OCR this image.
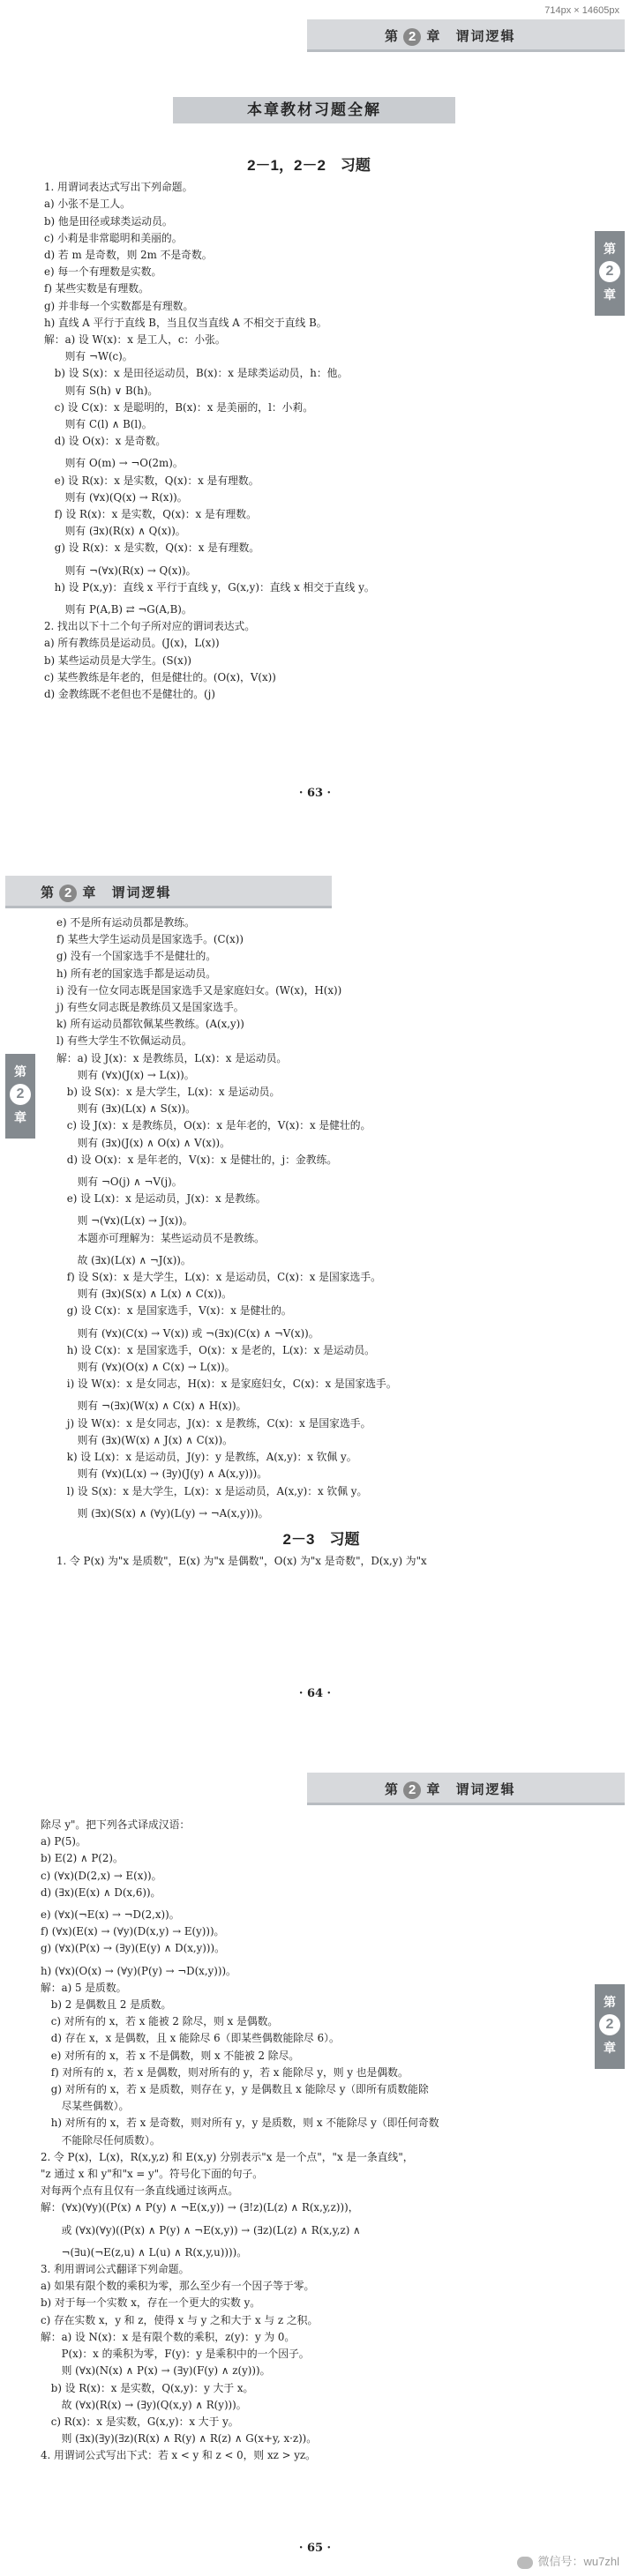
714px × 14605px
第 2 章 谓词逻辑
第
2
章
本章教材习题全解
2－1，2－2　习题
1. 用谓词表达式写出下列命题。
a) 小张不是工人。
b) 他是田径或球类运动员。
c) 小莉是非常聪明和美丽的。
d) 若 m 是奇数，则 2m 不是奇数。
e) 每一个有理数是实数。
f) 某些实数是有理数。
g) 并非每一个实数都是有理数。
h) 直线 A 平行于直线 B，当且仅当直线 A 不相交于直线 B。
解：a) 设 W(x)：x 是工人，c：小张。
　　则有 ¬W(c)。
　b) 设 S(x)：x 是田径运动员，B(x)：x 是球类运动员，h：他。
　　则有 S(h) ∨ B(h)。
　c) 设 C(x)：x 是聪明的，B(x)：x 是美丽的，l：小莉。
　　则有 C(l) ∧ B(l)。
　d) 设 O(x)：x 是奇数。
　　则有 O(m) → ¬O(2m)。
　e) 设 R(x)：x 是实数，Q(x)：x 是有理数。
　　则有 (∀x)(Q(x) → R(x))。
　f) 设 R(x)：x 是实数，Q(x)：x 是有理数。
　　则有 (∃x)(R(x) ∧ Q(x))。
　g) 设 R(x)：x 是实数，Q(x)：x 是有理数。
　　则有 ¬(∀x)(R(x) → Q(x))。
　h) 设 P(x,y)：直线 x 平行于直线 y，G(x,y)：直线 x 相交于直线 y。
　　则有 P(A,B) ⇄ ¬G(A,B)。
2. 找出以下十二个句子所对应的谓词表达式。
a) 所有教练员是运动员。(J(x)，L(x))
b) 某些运动员是大学生。(S(x))
c) 某些教练是年老的，但是健壮的。(O(x)，V(x))
d) 金教练既不老但也不是健壮的。(j)
· 63 ·
第 2 章 谓词逻辑
第
2
章
e) 不是所有运动员都是教练。
f) 某些大学生运动员是国家选手。(C(x))
g) 没有一个国家选手不是健壮的。
h) 所有老的国家选手都是运动员。
i) 没有一位女同志既是国家选手又是家庭妇女。(W(x)，H(x))
j) 有些女同志既是教练员又是国家选手。
k) 所有运动员都钦佩某些教练。(A(x,y))
l) 有些大学生不钦佩运动员。
解：a) 设 J(x)：x 是教练员，L(x)：x 是运动员。
　　则有 (∀x)(J(x) → L(x))。
　b) 设 S(x)：x 是大学生，L(x)：x 是运动员。
　　则有 (∃x)(L(x) ∧ S(x))。
　c) 设 J(x)：x 是教练员，O(x)：x 是年老的，V(x)：x 是健壮的。
　　则有 (∃x)(J(x) ∧ O(x) ∧ V(x))。
　d) 设 O(x)：x 是年老的，V(x)：x 是健壮的，j：金教练。
　　则有 ¬O(j) ∧ ¬V(j)。
　e) 设 L(x)：x 是运动员，J(x)：x 是教练。
　　则 ¬(∀x)(L(x) → J(x))。
　　本题亦可理解为：某些运动员不是教练。
　　故 (∃x)(L(x) ∧ ¬J(x))。
　f) 设 S(x)：x 是大学生，L(x)：x 是运动员，C(x)：x 是国家选手。
　　则有 (∃x)(S(x) ∧ L(x) ∧ C(x))。
　g) 设 C(x)：x 是国家选手，V(x)：x 是健壮的。
　　则有 (∀x)(C(x) → V(x)) 或 ¬(∃x)(C(x) ∧ ¬V(x))。
　h) 设 C(x)：x 是国家选手，O(x)：x 是老的，L(x)：x 是运动员。
　　则有 (∀x)(O(x) ∧ C(x) → L(x))。
　i) 设 W(x)：x 是女同志，H(x)：x 是家庭妇女，C(x)：x 是国家选手。
　　则有 ¬(∃x)(W(x) ∧ C(x) ∧ H(x))。
　j) 设 W(x)：x 是女同志，J(x)：x 是教练，C(x)：x 是国家选手。
　　则有 (∃x)(W(x) ∧ J(x) ∧ C(x))。
　k) 设 L(x)：x 是运动员，J(y)：y 是教练，A(x,y)：x 钦佩 y。
　　则有 (∀x)(L(x) → (∃y)(J(y) ∧ A(x,y)))。
　l) 设 S(x)：x 是大学生，L(x)：x 是运动员，A(x,y)：x 钦佩 y。
　　则 (∃x)(S(x) ∧ (∀y)(L(y) → ¬A(x,y)))。
2－3　习题
1. 令 P(x) 为"x 是质数"，E(x) 为"x 是偶数"，O(x) 为"x 是奇数"，D(x,y) 为"x
· 64 ·
第 2 章 谓词逻辑
第
2
章
除尽 y"。把下列各式译成汉语：
a) P(5)。
b) E(2) ∧ P(2)。
c) (∀x)(D(2,x) → E(x))。
d) (∃x)(E(x) ∧ D(x,6))。
e) (∀x)(¬E(x) → ¬D(2,x))。
f) (∀x)(E(x) → (∀y)(D(x,y) → E(y)))。
g) (∀x)(P(x) → (∃y)(E(y) ∧ D(x,y)))。
h) (∀x)(O(x) → (∀y)(P(y) → ¬D(x,y)))。
解：a) 5 是质数。
　b) 2 是偶数且 2 是质数。
　c) 对所有的 x，若 x 能被 2 除尽，则 x 是偶数。
　d) 存在 x，x 是偶数，且 x 能除尽 6（即某些偶数能除尽 6）。
　e) 对所有的 x，若 x 不是偶数，则 x 不能被 2 除尽。
　f) 对所有的 x，若 x 是偶数，则对所有的 y，若 x 能除尽 y，则 y 也是偶数。
　g) 对所有的 x，若 x 是质数，则存在 y，y 是偶数且 x 能除尽 y（即所有质数能除
　　尽某些偶数）。
　h) 对所有的 x，若 x 是奇数，则对所有 y，y 是质数，则 x 不能除尽 y（即任何奇数
　　不能除尽任何质数）。
2. 令 P(x)，L(x)，R(x,y,z) 和 E(x,y) 分别表示"x 是一个点"，"x 是一条直线"，
"z 通过 x 和 y"和"x = y"。符号化下面的句子。
对每两个点有且仅有一条直线通过该两点。
解：(∀x)(∀y)((P(x) ∧ P(y) ∧ ¬E(x,y)) → (∃!z)(L(z) ∧ R(x,y,z)))，
　　或 (∀x)(∀y)((P(x) ∧ P(y) ∧ ¬E(x,y)) → (∃z)(L(z) ∧ R(x,y,z) ∧
　　¬(∃u)(¬E(z,u) ∧ L(u) ∧ R(x,y,u))))。
3. 利用谓词公式翻译下列命题。
a) 如果有限个数的乘积为零，那么至少有一个因子等于零。
b) 对于每一个实数 x，存在一个更大的实数 y。
c) 存在实数 x，y 和 z，使得 x 与 y 之和大于 x 与 z 之积。
解：a) 设 N(x)：x 是有限个数的乘积，z(y)：y 为 0。
　　P(x)：x 的乘积为零，F(y)：y 是乘积中的一个因子。
　　则 (∀x)(N(x) ∧ P(x) → (∃y)(F(y) ∧ z(y)))。
　b) 设 R(x)：x 是实数，Q(x,y)：y 大于 x。
　　故 (∀x)(R(x) → (∃y)(Q(x,y) ∧ R(y)))。
　c) R(x)：x 是实数，G(x,y)：x 大于 y。
　　则 (∃x)(∃y)(∃z)(R(x) ∧ R(y) ∧ R(z) ∧ G(x+y, x·z))。
4. 用谓词公式写出下式：若 x < y 和 z < 0，则 xz > yz。
· 65 ·
微信号：wu7zhl
